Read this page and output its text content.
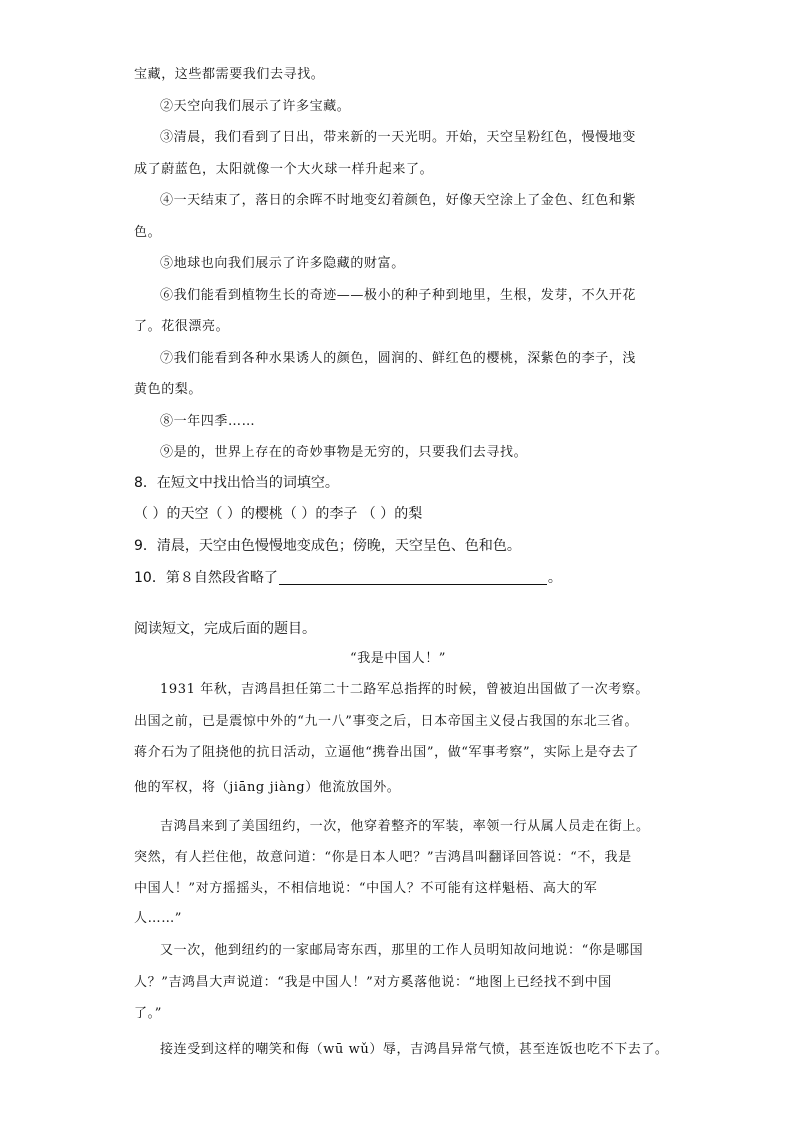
宝藏，这些都需要我们去寻找。
②天空向我们展示了许多宝藏。
③清晨，我们看到了日出，带来新的一天光明。开始，天空呈粉红色，慢慢地变
成了蔚蓝色，太阳就像一个大火球一样升起来了。
④一天结束了，落日的余晖不时地变幻着颜色，好像天空涂上了金色、红色和紫
色。
⑤地球也向我们展示了许多隐藏的财富。
⑥我们能看到植物生长的奇迹——极小的种子种到地里，生根，发芽，不久开花
了。花很漂亮。
⑦我们能看到各种水果诱人的颜色，圆润的、鲜红色的樱桃，深紫色的李子，浅
黄色的梨。
⑧一年四季……
⑨是的，世界上存在的奇妙事物是无穷的，只要我们去寻找。
8．在短文中找出恰当的词填空。
（ ）的天空（ ）的樱桃（ ）的李子 （ ）的梨
9．清晨，天空由色慢慢地变成色；傍晚，天空呈色、色和色。
10．第８自然段省略了	。
阅读短文，完成后面的题目。
“我是中国人！”
1931 年秋，吉鸿昌担任第二十二路军总指挥的时候，曾被迫出国做了一次考察。
出国之前，已是震惊中外的“九一八”事变之后，日本帝国主义侵占我国的东北三省。
蒋介石为了阻挠他的抗日活动，立逼他“携眷出国”，做“军事考察”，实际上是夺去了
他的军权，将（jiāng jiàng）他流放国外。
吉鸿昌来到了美国纽约，一次，他穿着整齐的军装，率领一行从属人员走在街上。
突然，有人拦住他，故意问道：“你是日本人吧？”吉鸿昌叫翻译回答说：“不，我是
中国人！”对方摇摇头，不相信地说：“中国人？不可能有这样魁梧、高大的军
人……”
又一次，他到纽约的一家邮局寄东西，那里的工作人员明知故问地说：“你是哪国
人？”吉鸿昌大声说道：“我是中国人！”对方奚落他说：“地图上已经找不到中国
了。”
接连受到这样的嘲笑和侮（wū wǔ）辱，吉鸿昌异常气愤，甚至连饭也吃不下去了。
